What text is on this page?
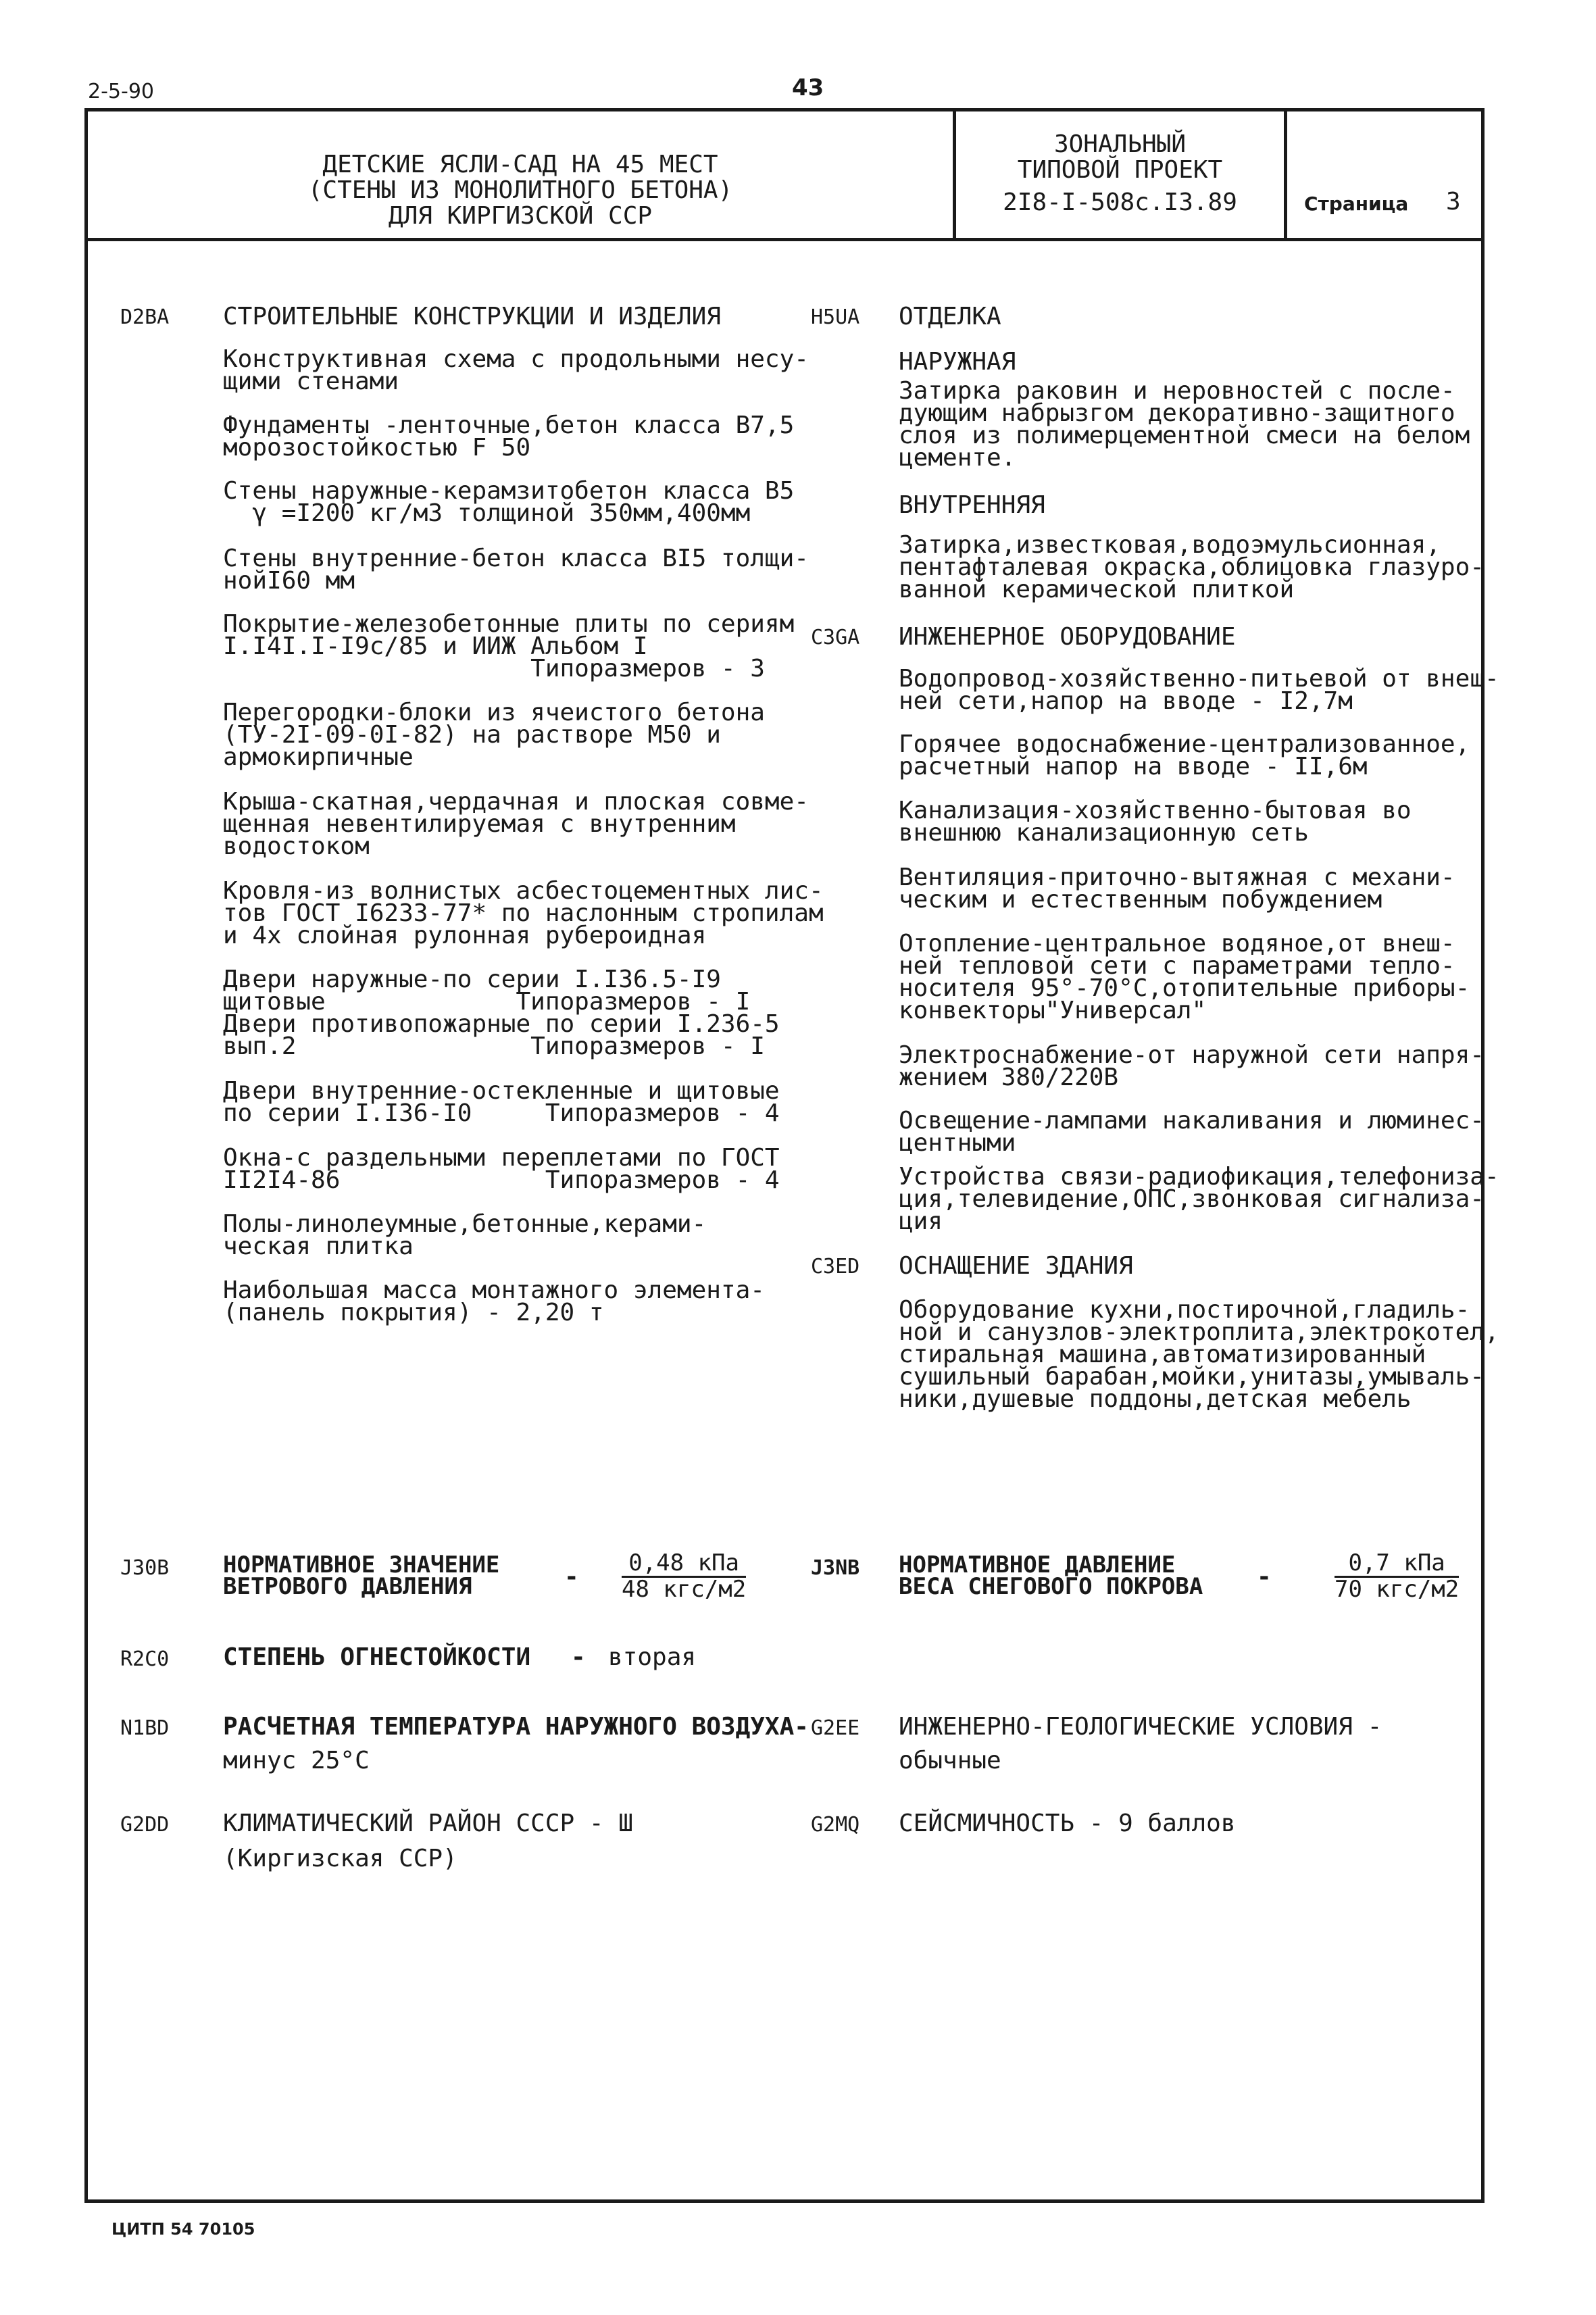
2-5-90	43
ДЕТСКИЕ ЯСЛИ-САД НА 45 МЕСТ
(СТЕНЫ ИЗ МОНОЛИТНОГО БЕТОНА)
ДЛЯ КИРГИЗСКОЙ ССР
ЗОНАЛЬНЫЙ
ТИПОВОЙ ПРОЕКТ
2I8-I-508с.I3.89	Страница 3
D2BA СТРОИТЕЛЬНЫЕ КОНСТРУКЦИИ И ИЗДЕЛИЯ
Конструктивная схема с продольными несу-
щими стенами
Фундаменты -ленточные,бетон класса В7,5
морозостойкостью F 50
Стены наружные-керамзитобетон класса В5
γ =I200 кг/м3 толщиной 350мм,400мм
Стены внутренние-бетон класса ВI5 толщи-
нойI60 мм
Покрытие-железобетонные плиты по сериям
I.I4I.I-I9с/85 и ИИЖ Альбом I
Типоразмеров - 3
Перегородки-блоки из ячеистого бетона
(ТУ-2I-09-0I-82) на растворе М50 и
армокирпичные
Крыша-скатная,чердачная и плоская совме-
щенная невентилируемая с внутренним
водостоком
Кровля-из волнистых асбестоцементных лис-
тов ГОСТ I6233-77* по наслонным стропилам
и 4х слойная рулонная рубероидная
Двери наружные-по серии I.I36.5-I9
щитовые             Типоразмеров - I
Двери противопожарные по серии I.236-5
вып.2                Типоразмеров - I
Двери внутренние-остекленные и щитовые
по серии I.I36-I0     Типоразмеров - 4
Окна-с раздельными переплетами по ГОСТ
II2I4-86              Типоразмеров - 4
Полы-линолеумные,бетонные,керами-
ческая плитка
Наибольшая масса монтажного элемента-
(панель покрытия) - 2,20 т
H5UA ОТДЕЛКА
НАРУЖНАЯ
Затирка раковин и неровностей с после-
дующим набрызгом декоративно-защитного
слоя из полимерцементной смеси на белом
цементе.
ВНУТРЕННЯЯ
Затирка,известковая,водоэмульсионная,
пентафталевая окраска,облицовка глазуро-
ванной керамической плиткой
C3GA ИНЖЕНЕРНОЕ ОБОРУДОВАНИЕ
Водопровод-хозяйственно-питьевой от внеш-
ней сети,напор на вводе - I2,7м
Горячее водоснабжение-централизованное,
расчетный напор на вводе - II,6м
Канализация-хозяйственно-бытовая во
внешнюю канализационную сеть
Вентиляция-приточно-вытяжная с механи-
ческим и естественным побуждением
Отопление-центральное водяное,от внеш-
ней тепловой сети с параметрами тепло-
носителя 95°-70°С,отопительные приборы-
конвекторы"Универсал"
Электроснабжение-от наружной сети напря-
жением 380/220В
Освещение-лампами накаливания и люминес-
центными
Устройства связи-радиофикация,телефониза-
ция,телевидение,ОПС,звонковая сигнализа-
ция
C3ED ОСНАЩЕНИЕ ЗДАНИЯ
Оборудование кухни,постирочной,гладиль-
ной и санузлов-электроплита,электрокотел,
стиральная машина,автоматизированный
сушильный барабан,мойки,унитазы,умываль-
ники,душевые поддоны,детская мебель
J30B НОРМАТИВНОЕ ЗНАЧЕНИЕ
ВЕТРОВОГО ДАВЛЕНИЯ	-	0,48 кПа
48 кгс/м2
J3NB НОРМАТИВНОЕ ДАВЛЕНИЕ
ВЕСА СНЕГОВОГО ПОКРОВА -	0,7 кПа
70 кгс/м2
R2C0 СТЕПЕНЬ ОГНЕСТОЙКОСТИ - вторая
N1BD РАСЧЕТНАЯ ТЕМПЕРАТУРА НАРУЖНОГО ВОЗДУХА-
минус 25°С
G2EE ИНЖЕНЕРНО-ГЕОЛОГИЧЕСКИЕ УСЛОВИЯ -
обычные
G2DD КЛИМАТИЧЕСКИЙ РАЙОН СССР - Ш
(Киргизская ССР)
G2MQ СЕЙСМИЧНОСТЬ - 9 баллов
ЦИТП 54 70105
